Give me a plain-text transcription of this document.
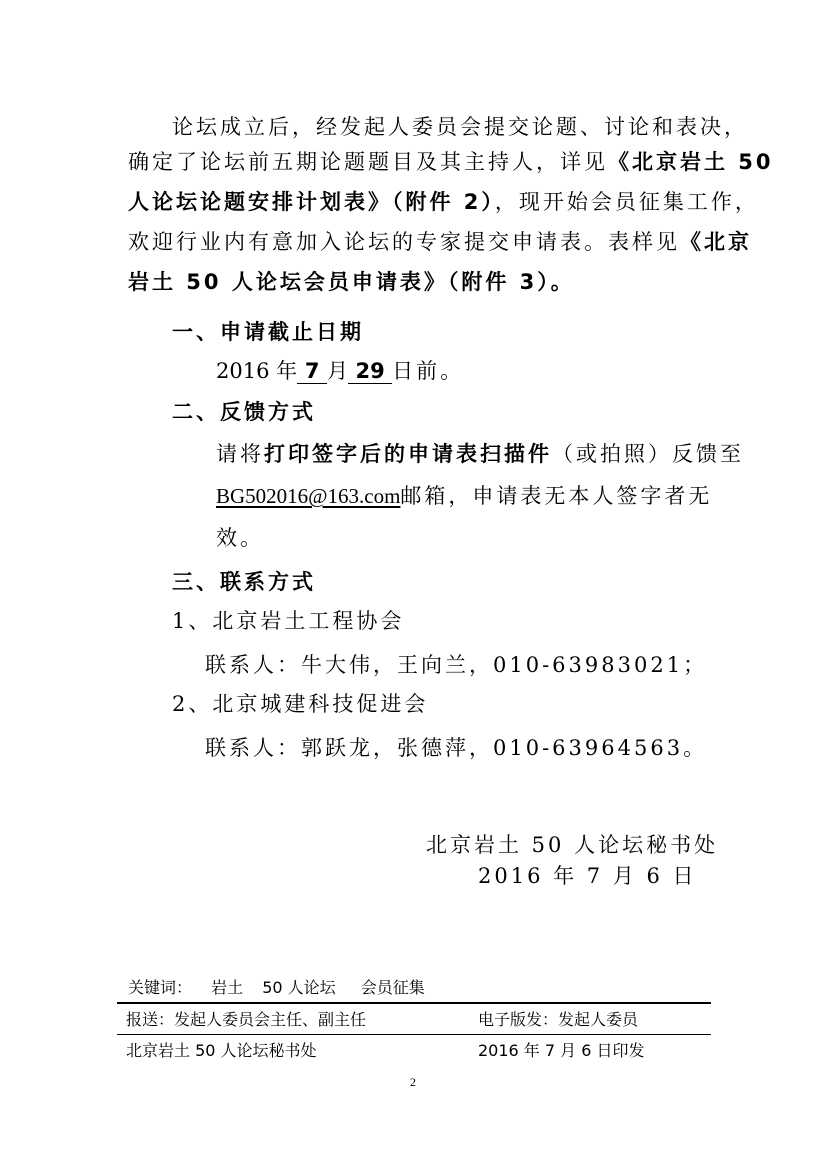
论坛成立后，经发起人委员会提交论题、讨论和表决，
确定了论坛前五期论题题目及其主持人，详见《北京岩土 50
人论坛论题安排计划表》（附件 2），现开始会员征集工作，
欢迎行业内有意加入论坛的专家提交申请表。表样见《北京
岩土 50 人论坛会员申请表》（附件 3）。
一、申请截止日期
2016 年 7 月 29 日前。
二、反馈方式
请将打印签字后的申请表扫描件（或拍照）反馈至
BG502016@163.com邮箱，申请表无本人签字者无
效。
三、联系方式
1、北京岩土工程协会
联系人：牛大伟，王向兰，010-63983021；
2、北京城建科技促进会
联系人：郭跃龙，张德萍，010-63964563。
北京岩土 50 人论坛秘书处
2016 年 7 月 6 日
关键词： 岩土 50 人论坛 会员征集
报送：发起人委员会主任、副主任	电子版发：发起人委员
北京岩土 50 人论坛秘书处	2016 年 7 月 6 日印发
2
